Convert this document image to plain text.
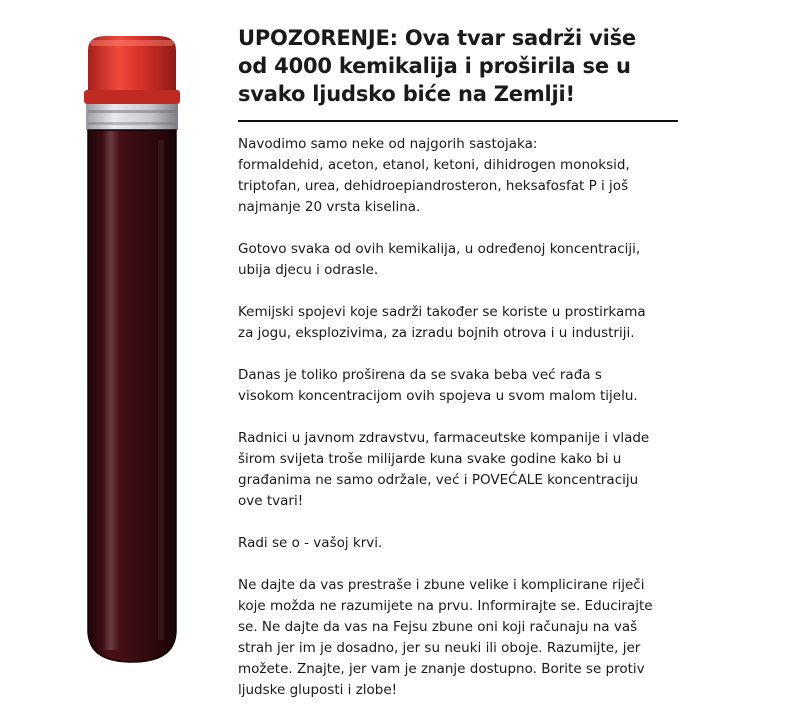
UPOZORENJE: Ova tvar sadrži više
od 4000 kemikalija i proširila se u
svako ljudsko biće na Zemlji!

Navodimo samo neke od najgorih sastojaka:
formaldehid, aceton, etanol, ketoni, dihidrogen monoksid,
triptofan, urea, dehidroepiandrosteron, heksafosfat P i još
najmanje 20 vrsta kiselina.

Gotovo svaka od ovih kemikalija, u određenoj koncentraciji,
ubija djecu i odrasle.

Kemijski spojevi koje sadrži također se koriste u prostirkama
za jogu, eksplozivima, za izradu bojnih otrova i u industriji.

Danas je toliko proširena da se svaka beba već rađa s
visokom koncentracijom ovih spojeva u svom malom tijelu.

Radnici u javnom zdravstvu, farmaceutske kompanije i vlade
širom svijeta troše milijarde kuna svake godine kako bi u
građanima ne samo održale, već i POVEĆALE koncentraciju
ove tvari!

Radi se o - vašoj krvi.

Ne dajte da vas prestraše i zbune velike i komplicirane riječi
koje možda ne razumijete na prvu. Informirajte se. Educirajte
se. Ne dajte da vas na Fejsu zbune oni koji računaju na vaš
strah jer im je dosadno, jer su neuki ili oboje. Razumijte, jer
možete. Znajte, jer vam je znanje dostupno. Borite se protiv
ljudske gluposti i zlobe!
